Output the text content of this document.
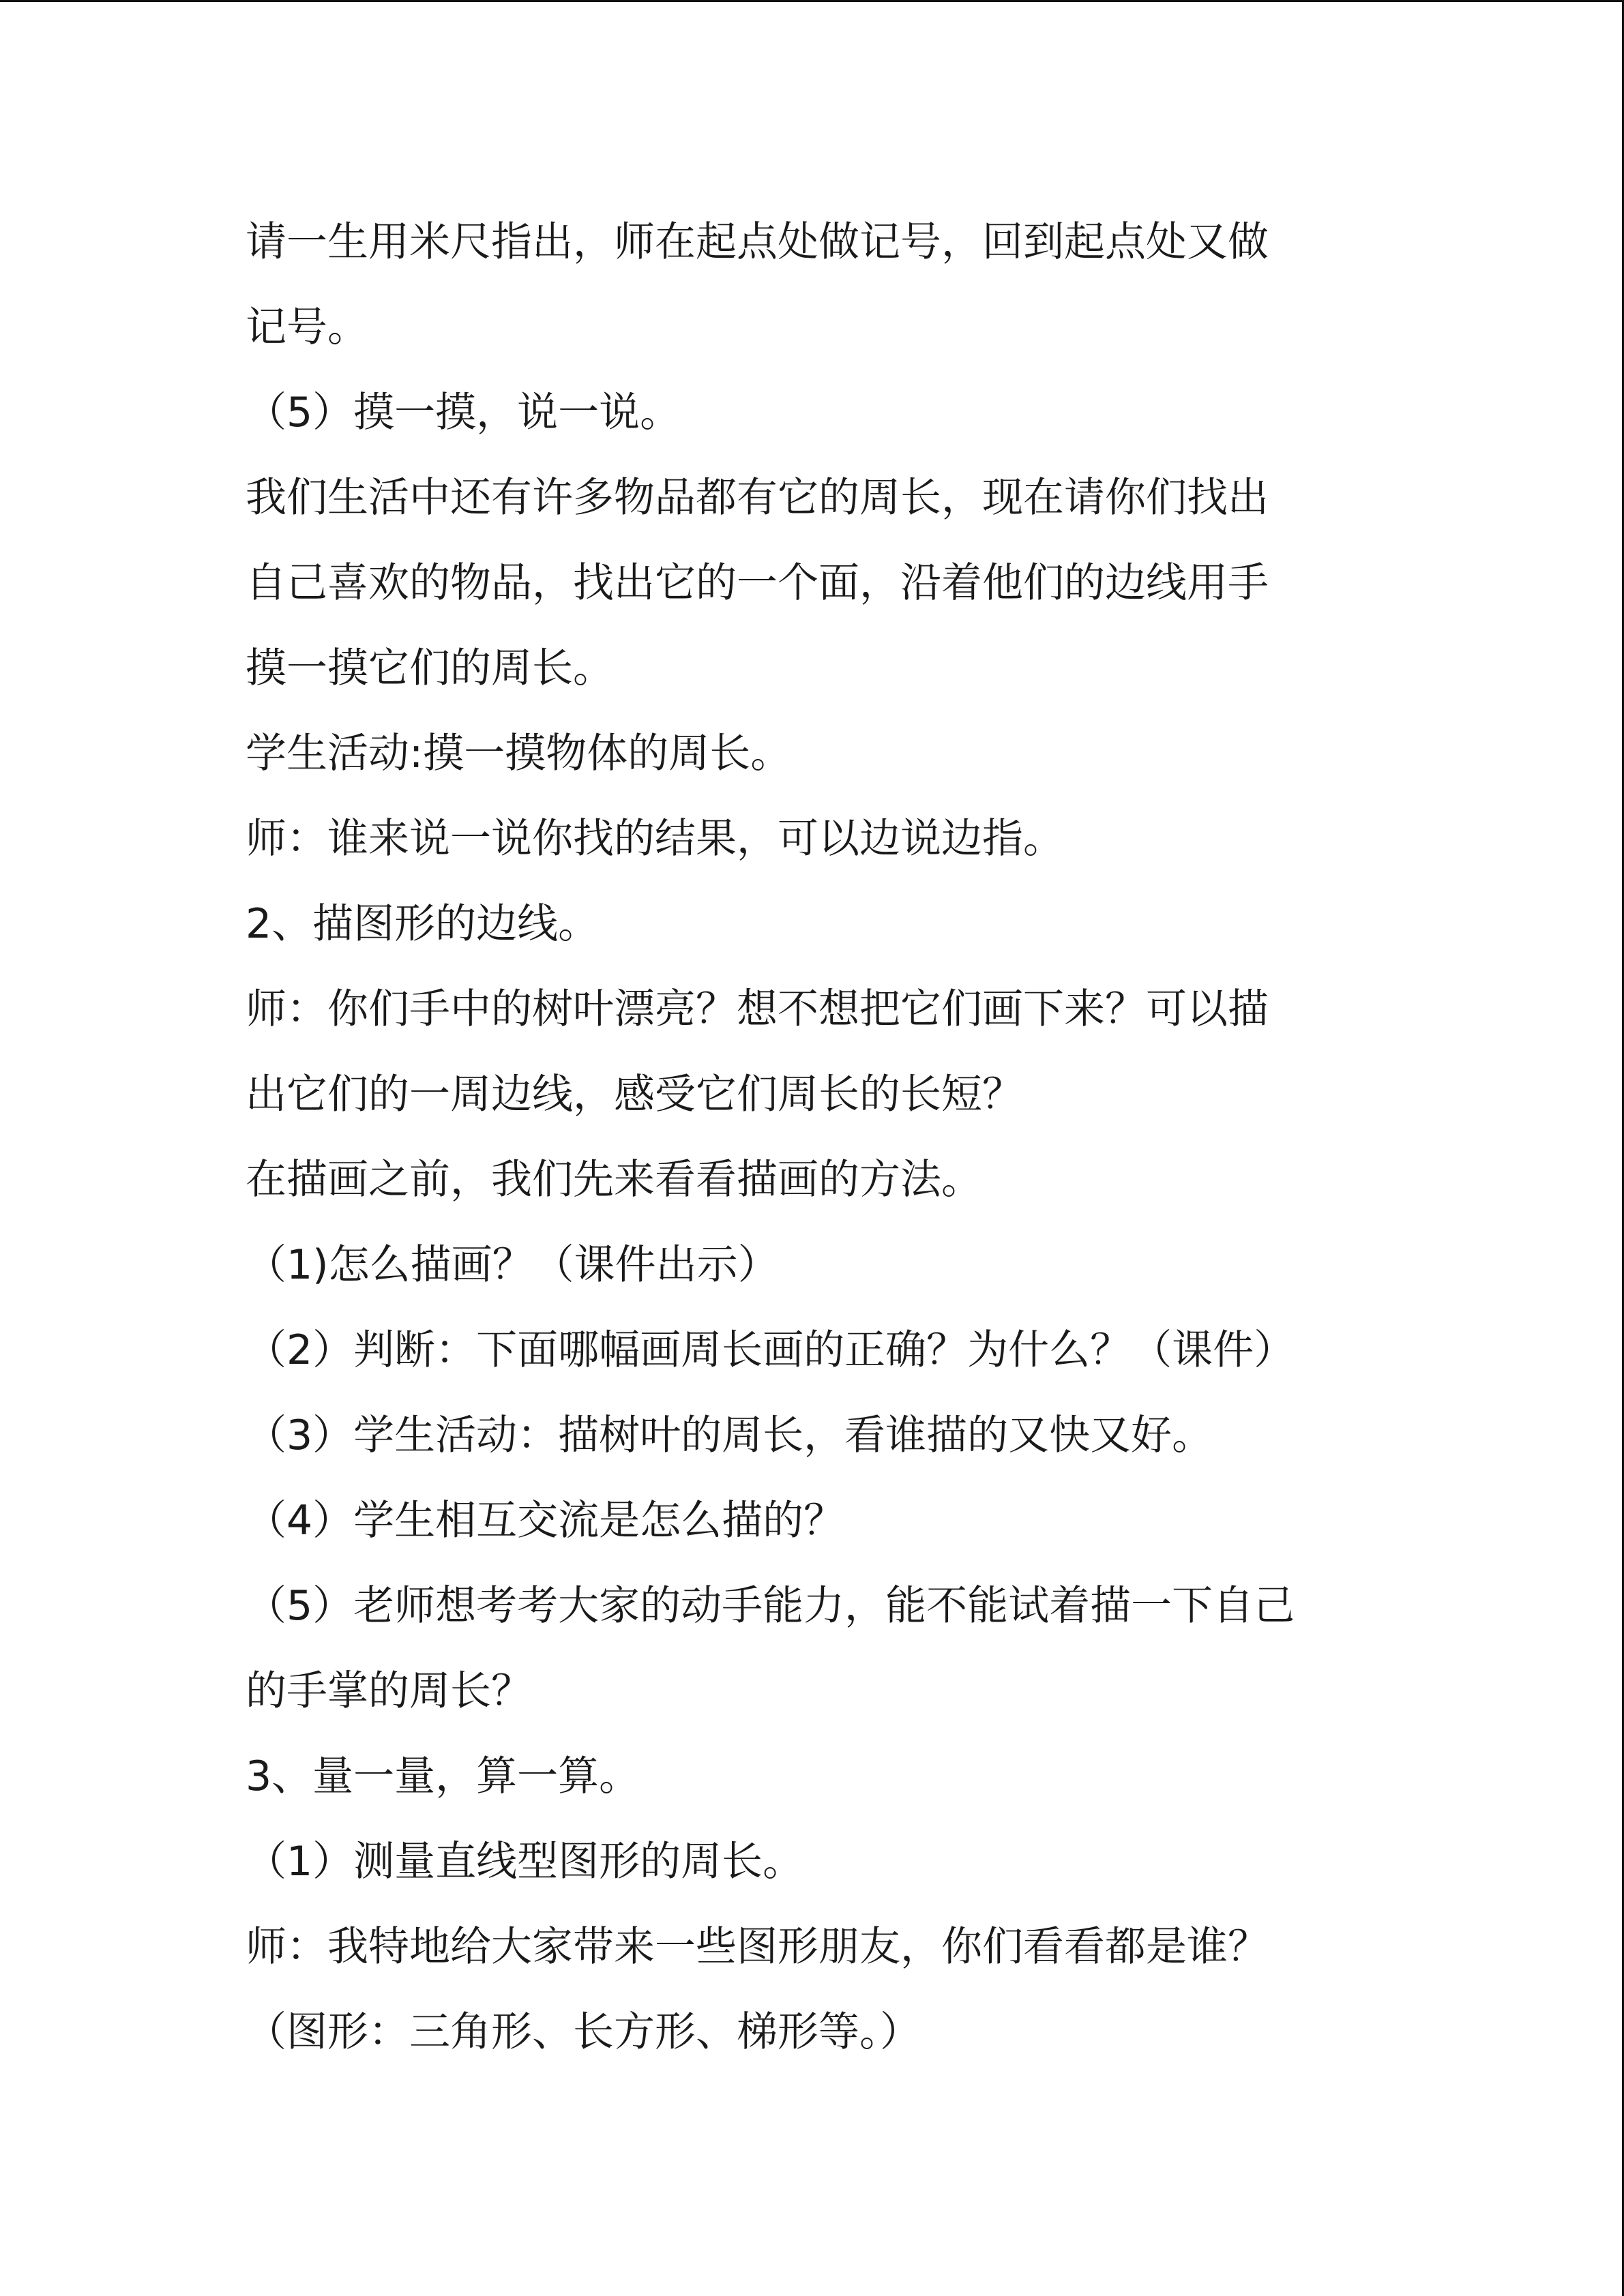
请一生用米尺指出，师在起点处做记号，回到起点处又做
记号。
（5）摸一摸，说一说。
我们生活中还有许多物品都有它的周长，现在请你们找出
自己喜欢的物品，找出它的一个面，沿着他们的边线用手
摸一摸它们的周长。
学生活动:摸一摸物体的周长。
师：谁来说一说你找的结果，可以边说边指。
2、描图形的边线。
师：你们手中的树叶漂亮？想不想把它们画下来？可以描
出它们的一周边线，感受它们周长的长短？
在描画之前，我们先来看看描画的方法。
（1)怎么描画？（课件出示）
（2）判断：下面哪幅画周长画的正确？为什么？（课件）
（3）学生活动：描树叶的周长，看谁描的又快又好。
（4）学生相互交流是怎么描的？
（5）老师想考考大家的动手能力，能不能试着描一下自己
的手掌的周长？
3、量一量，算一算。
（1）测量直线型图形的周长。
师：我特地给大家带来一些图形朋友，你们看看都是谁？
（图形：三角形、长方形、梯形等。）
